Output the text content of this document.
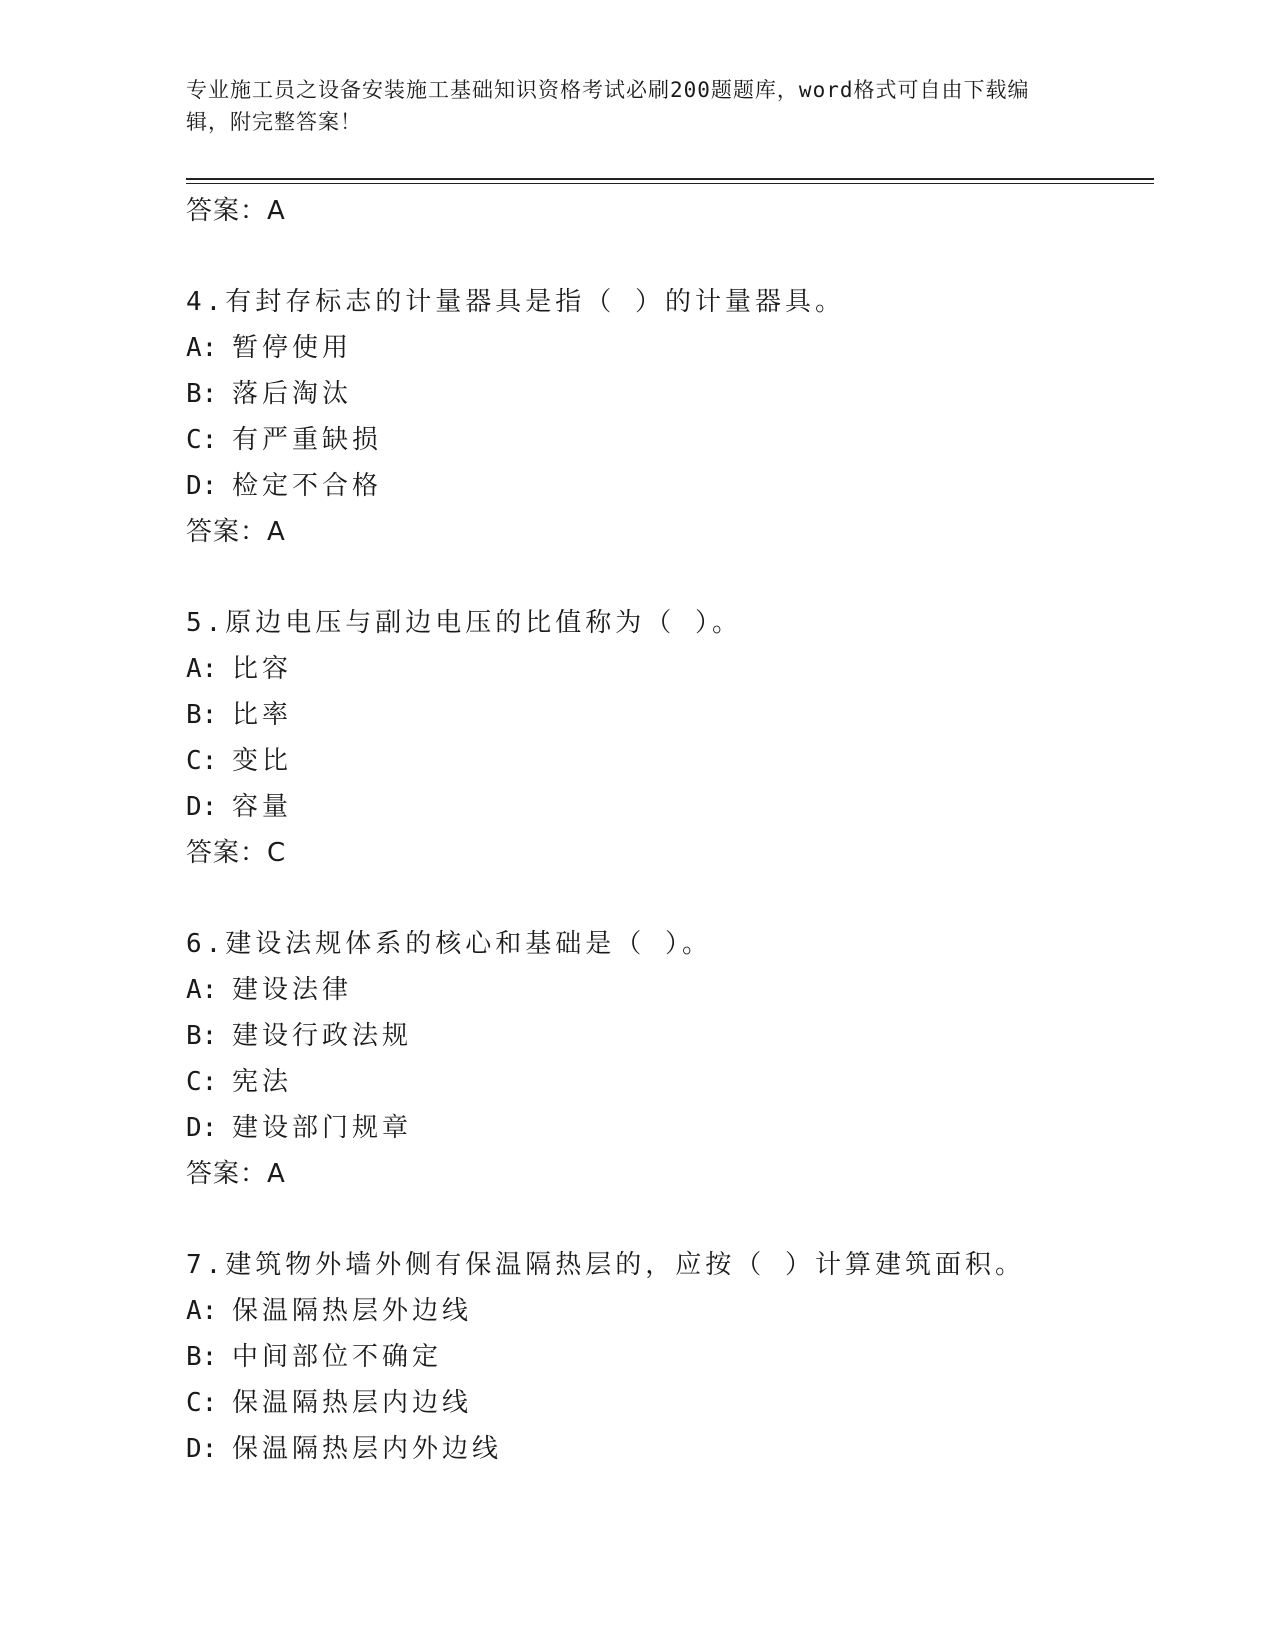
专业施工员之设备安装施工基础知识资格考试必刷200题题库，word格式可自由下载编辑，附完整答案！
答案：A
4.有封存标志的计量器具是指（ ）的计量器具。
A: 暂停使用
B: 落后淘汰
C: 有严重缺损
D: 检定不合格
答案：A
5.原边电压与副边电压的比值称为（ ）。
A: 比容
B: 比率
C: 变比
D: 容量
答案：C
6.建设法规体系的核心和基础是（ ）。
A: 建设法律
B: 建设行政法规
C: 宪法
D: 建设部门规章
答案：A
7.建筑物外墙外侧有保温隔热层的，应按（ ）计算建筑面积。
A: 保温隔热层外边线
B: 中间部位不确定
C: 保温隔热层内边线
D: 保温隔热层内外边线
